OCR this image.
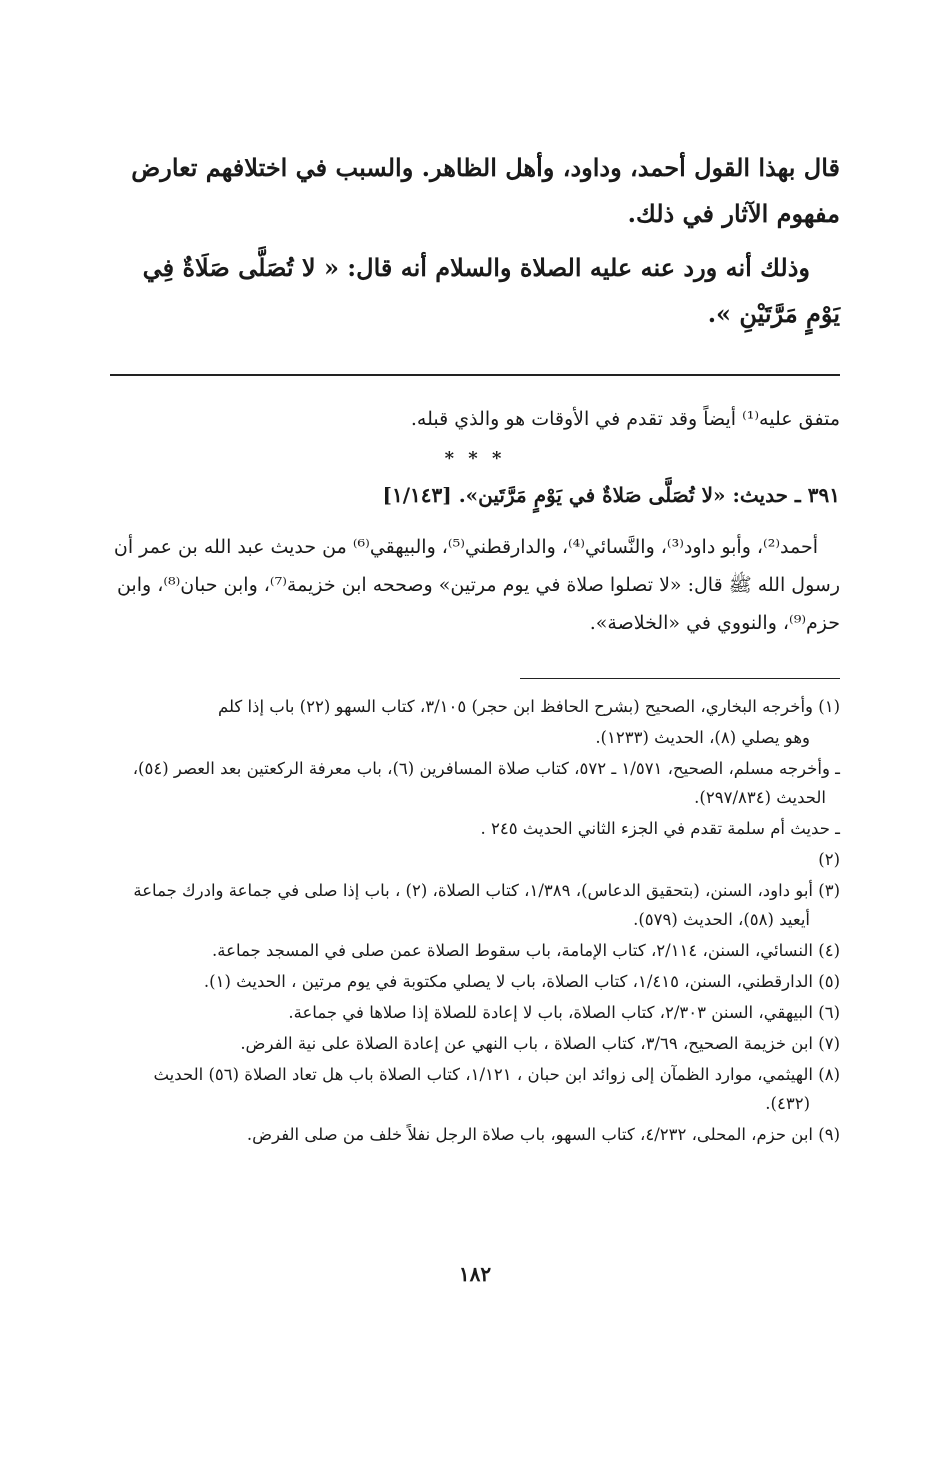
قال بهذا القول أحمد، وداود، وأهل الظاهر. والسبب في اختلافهم تعارض مفهوم الآثار في ذلك.

وذلك أنه ورد عنه عليه الصلاة والسلام أنه قال: « لا تُصَلَّى صَلَاةٌ فِي يَوْمٍ مَرَّتَيْنِ ».

متفق عليه⁽¹⁾ أيضاً وقد تقدم في الأوقات هو والذي قبله.

* * *

٣٩١ ـ حديث: «لا تُصَلَّى صَلاةٌ في يَوْمٍ مَرَّتَين». [١/١٤٣]

أحمد⁽²⁾، وأبو داود⁽³⁾، والنَّسائي⁽⁴⁾، والدارقطني⁽⁵⁾، والبيهقي⁽⁶⁾ من حديث عبد الله بن عمر أن رسول الله ﷺ قال: «لا تصلوا صلاة في يوم مرتين» وصححه ابن خزيمة⁽⁷⁾، وابن حبان⁽⁸⁾، وابن حزم⁽⁹⁾، والنووي في «الخلاصة».

(١) وأخرجه البخاري، الصحيح (بشرح الحافظ ابن حجر) ٣/١٠٥، كتاب السهو (٢٢) باب إذا كلم

وهو يصلي (٨)، الحديث (١٢٣٣).

ـ وأخرجه مسلم، الصحيح، ١/٥٧١ ـ ٥٧٢، كتاب صلاة المسافرين (٦)، باب معرفة الركعتين بعد العصر (٥٤)، الحديث (٢٩٧/٨٣٤).

ـ حديث أم سلمة تقدم في الجزء الثاني الحديث ٢٤٥ .

(٢)

(٣) أبو داود، السنن، (بتحقيق الدعاس)، ١/٣٨٩، كتاب الصلاة، (٢) ، باب إذا صلى في جماعة وادرك جماعة أيعيد (٥٨)، الحديث (٥٧٩).

(٤) النسائي، السنن، ٢/١١٤، كتاب الإمامة، باب سقوط الصلاة عمن صلى في المسجد جماعة.

(٥) الدارقطني، السنن، ١/٤١٥، كتاب الصلاة، باب لا يصلي مكتوبة في يوم مرتين ، الحديث (١).

(٦) البيهقي، السنن ٢/٣٠٣، كتاب الصلاة، باب لا إعادة للصلاة إذا صلاها في جماعة.

(٧) ابن خزيمة الصحيح، ٣/٦٩، كتاب الصلاة ، باب النهي عن إعادة الصلاة على نية الفرض.

(٨) الهيثمي، موارد الظمآن إلى زوائد ابن حبان ، ١/١٢١، كتاب الصلاة باب هل تعاد الصلاة (٥٦) الحديث (٤٣٢).

(٩) ابن حزم، المحلى، ٤/٢٣٢، كتاب السهو، باب صلاة الرجل نفلاً خلف من صلى الفرض.

١٨٢
